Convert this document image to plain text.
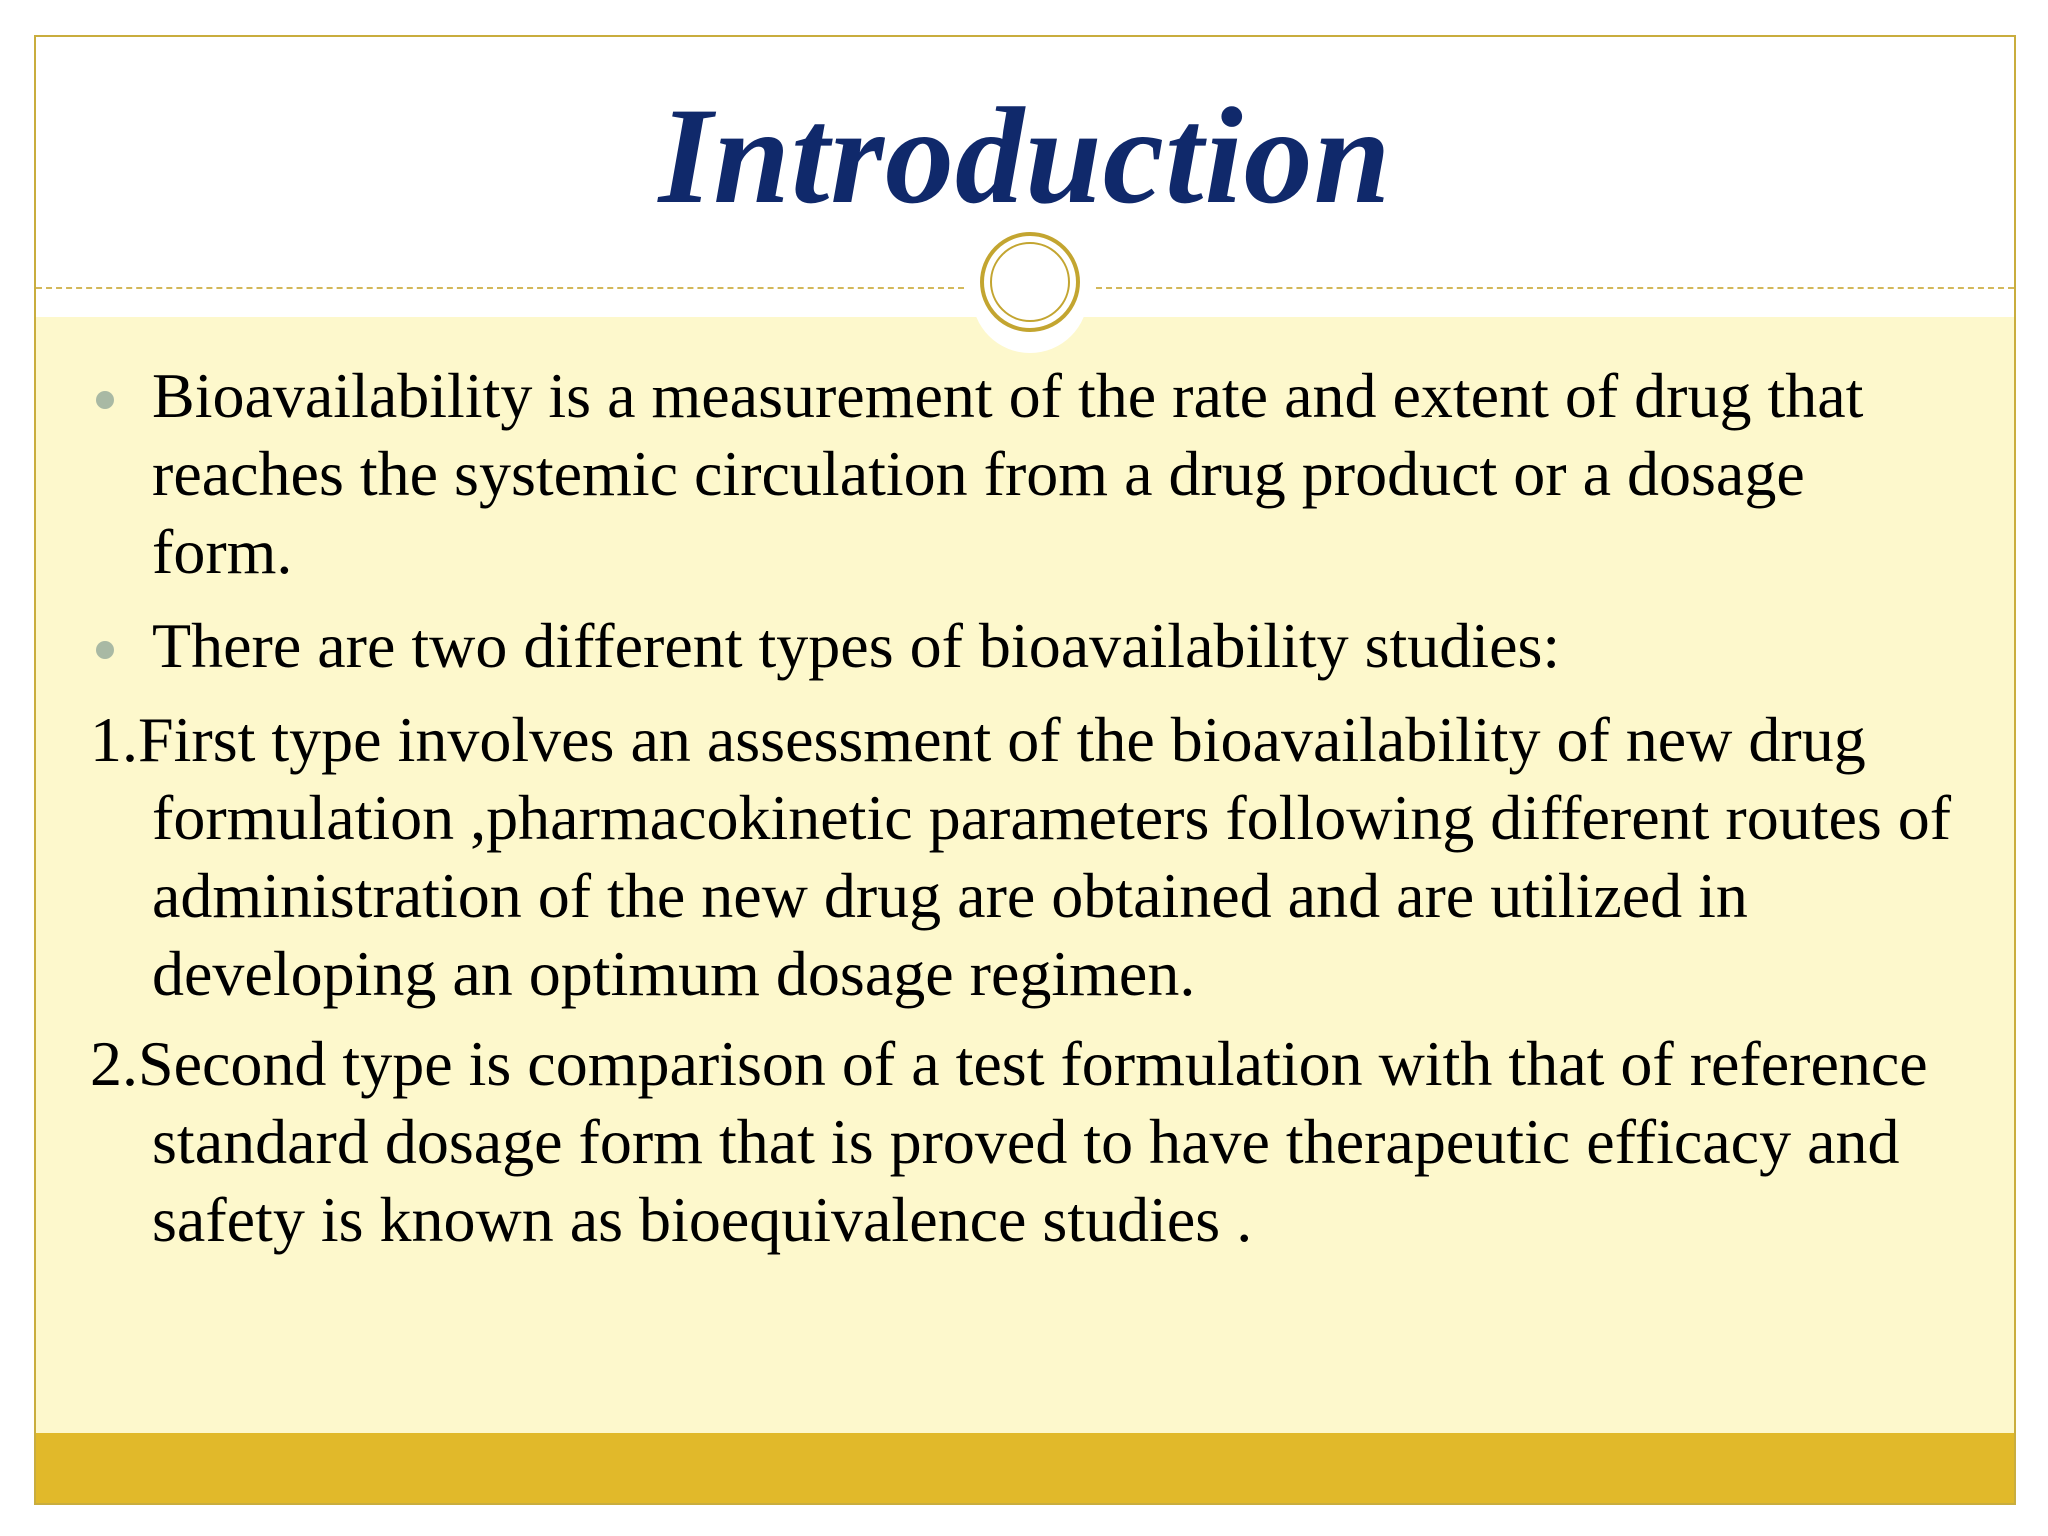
Introduction

Bioavailability is a measurement of the rate and extent of drug that reaches the systemic circulation from a drug product or a dosage form.

There are two different types of bioavailability studies:

1.First type involves an assessment of the bioavailability of new drug formulation ,pharmacokinetic parameters following different routes of administration of the new drug are obtained and are utilized in developing an optimum dosage regimen.

2.Second type is comparison of a test formulation with that of reference standard dosage form that is proved to have therapeutic efficacy and safety is known as bioequivalence studies .
